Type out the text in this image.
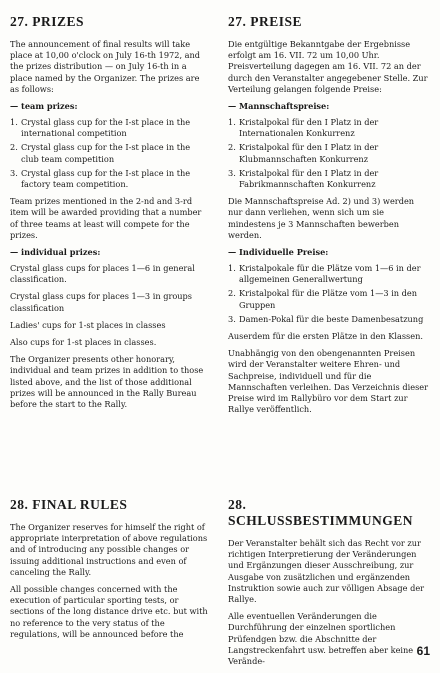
27. PRIZES

The announcement of final results will take place at 10,00 o'clock on July 16-th 1972, and the prizes distribution — on July 16-th in a place named by the Organizer. The prizes are as follows:

— team prizes:
1. Crystal glass cup for the I-st place in the international competition
2. Crystal glass cup for the I-st place in the club team competition
3. Crystal glass cup for the I-st place in the factory team competition.

Team prizes mentioned in the 2-nd and 3-rd item will be awarded providing that a number of three teams at least will compete for the prizes.

— individual prizes:

Crystal glass cups for places 1—6 in general classification.

Crystal glass cups for places 1—3 in groups classification

Ladies' cups for 1-st places in classes

Also cups for 1-st places in classes.

The Organizer presents other honorary, individual and team prizes in addition to those listed above, and the list of those additional prizes will be announced in the Rally Bureau before the start to the Rally.

27. PREISE

Die entgültige Bekanntgabe der Ergebnisse erfolgt am 16. VII. 72 um 10,00 Uhr. Preisverteilung dagegen am 16. VII. 72 an der durch den Veranstalter angegebener Stelle. Zur Verteilung gelangen folgende Preise:

— Mannschaftspreise:
1. Kristalpokal für den I Platz in der Internationalen Konkurrenz
2. Kristalpokal für den I Platz in der Klubmannschaften Konkurrenz
3. Kristalpokal für den I Platz in der Fabrikmannschaften Konkurrenz

Die Mannschaftspreise Ad. 2) und 3) werden nur dann verliehen, wenn sich um sie mindestens je 3 Mannschaften bewerben werden.

— Individuelle Preise:
1. Kristalpokale für die Plätze vom 1—6 in der allgemeinen Generallwertung
2. Kristalpokal für die Plätze vom 1—3 in den Gruppen
3. Damen-Pokal für die beste Damenbesatzung

Auserdem für die ersten Plätze in den Klassen.

Unabhängig von den obengenannten Preisen wird der Veranstalter weitere Ehren- und Sachpreise, individuell und für die Mannschaften verleihen. Das Verzeichnis dieser Preise wird im Rallybüro vor dem Start zur Rallye veröffentlich.

28. FINAL RULES

The Organizer reserves for himself the right of appropriate interpretation of above regulations and of introducing any possible changes or issuing additional instructions and even of canceling the Rally.

All possible changes concerned with the execution of particular sporting tests, or sections of the long distance drive etc. but with no reference to the very status of the regulations, will be announced before the

28. SCHLUSSBESTIMMUNGEN

Der Veranstalter behält sich das Recht vor zur richtigen Interpretierung der Veränderungen und Ergänzungen dieser Ausschreibung, zur Ausgabe von zusätzlichen und ergänzenden Instruktion sowie auch zur völligen Absage der Rallye.

Alle eventuellen Veränderungen die Durchführung der einzelnen sportlichen Prüfendgen bzw. die Abschnitte der Langstreckenfahrt usw. betreffen aber keine Verände-

61
